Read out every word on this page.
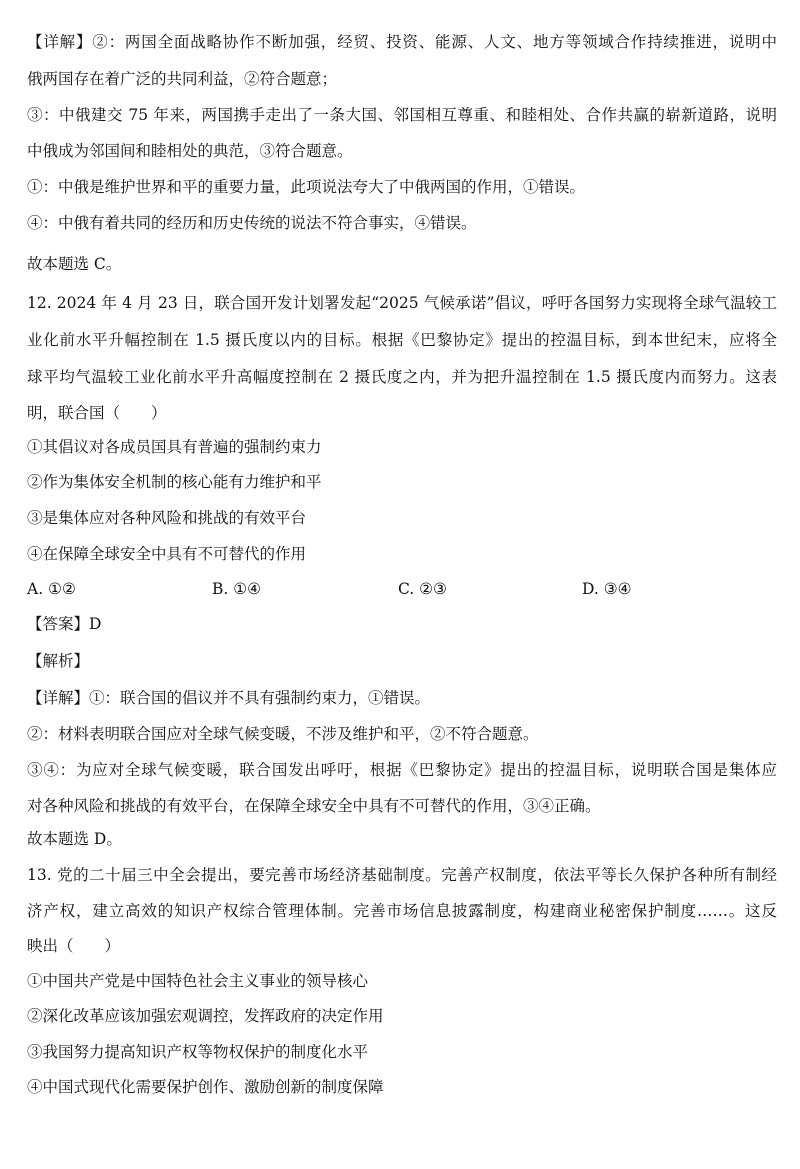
【详解】②：两国全面战略协作不断加强，经贸、投资、能源、人文、地方等领域合作持续推进，说明中
俄两国存在着广泛的共同利益，②符合题意；
③：中俄建交 75 年来，两国携手走出了一条大国、邻国相互尊重、和睦相处、合作共赢的崭新道路，说明
中俄成为邻国间和睦相处的典范，③符合题意。
①：中俄是维护世界和平的重要力量，此项说法夸大了中俄两国的作用，①错误。
④：中俄有着共同的经历和历史传统的说法不符合事实，④错误。
故本题选 C。
12. 2024 年 4 月 23 日，联合国开发计划署发起“2025 气候承诺”倡议，呼吁各国努力实现将全球气温较工
业化前水平升幅控制在 1.5 摄氏度以内的目标。根据《巴黎协定》提出的控温目标，到本世纪末，应将全
球平均气温较工业化前水平升高幅度控制在 2 摄氏度之内，并为把升温控制在 1.5 摄氏度内而努力。这表
明，联合国（　　）
①其倡议对各成员国具有普遍的强制约束力
②作为集体安全机制的核心能有力维护和平
③是集体应对各种风险和挑战的有效平台
④在保障全球安全中具有不可替代的作用
A. ①②	B. ①④	C. ②③	D. ③④
【答案】D
【解析】
【详解】①：联合国的倡议并不具有强制约束力，①错误。
②：材料表明联合国应对全球气候变暖，不涉及维护和平，②不符合题意。
③④：为应对全球气候变暖，联合国发出呼吁，根据《巴黎协定》提出的控温目标，说明联合国是集体应
对各种风险和挑战的有效平台，在保障全球安全中具有不可替代的作用，③④正确。
故本题选 D。
13. 党的二十届三中全会提出，要完善市场经济基础制度。完善产权制度，依法平等长久保护各种所有制经
济产权，建立高效的知识产权综合管理体制。完善市场信息披露制度，构建商业秘密保护制度……。这反
映出（　　）
①中国共产党是中国特色社会主义事业的领导核心
②深化改革应该加强宏观调控，发挥政府的决定作用
③我国努力提高知识产权等物权保护的制度化水平
④中国式现代化需要保护创作、激励创新的制度保障
